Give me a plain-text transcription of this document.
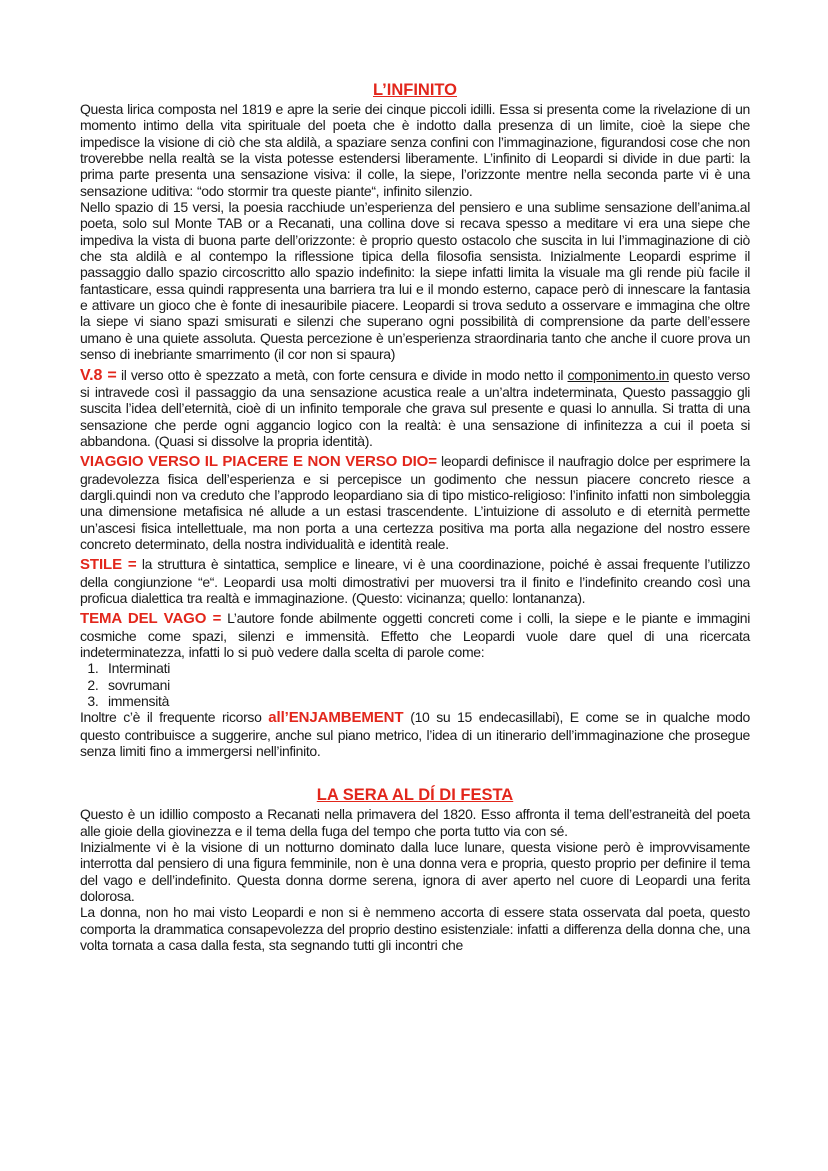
L’INFINITO

Questa lirica composta nel 1819 e apre la serie dei cinque piccoli idilli. Essa si presenta come la rivelazione di un momento intimo della vita spirituale del poeta che è indotto dalla presenza di un limite, cioè la siepe che impedisce la visione di ciò che sta aldilà, a spaziare senza confini con l’immaginazione, figurandosi cose che non troverebbe nella realtà se la vista potesse estendersi liberamente. L’infinito di Leopardi si divide in due parti: la prima parte presenta una sensazione visiva: il colle, la siepe, l’orizzonte mentre nella seconda parte vi è una sensazione uditiva: “odo stormir tra queste piante“, infinito silenzio.

Nello spazio di 15 versi, la poesia racchiude un’esperienza del pensiero e una sublime sensazione dell’anima.al poeta, solo sul Monte TAB or a Recanati, una collina dove si recava spesso a meditare vi era una siepe che impediva la vista di buona parte dell’orizzonte: è proprio questo ostacolo che suscita in lui l’immaginazione di ciò che sta aldilà e al contempo la riflessione tipica della filosofia sensista. Inizialmente Leopardi esprime il passaggio dallo spazio circoscritto allo spazio indefinito: la siepe infatti limita la visuale ma gli rende più facile il fantasticare, essa quindi rappresenta una barriera tra lui e il mondo esterno, capace però di innescare la fantasia e attivare un gioco che è fonte di inesauribile piacere. Leopardi si trova seduto a osservare e immagina che oltre la siepe vi siano spazi smisurati e silenzi che superano ogni possibilità di comprensione da parte dell’essere umano è una quiete assoluta. Questa percezione è un’esperienza straordinaria tanto che anche il cuore prova un senso di inebriante smarrimento (il cor non si spaura)

V.8 = il verso otto è spezzato a metà, con forte censura e divide in modo netto il componimento.in questo verso si intravede così il passaggio da una sensazione acustica reale a un’altra indeterminata, Questo passaggio gli suscita l’idea dell’eternità, cioè di un infinito temporale che grava sul presente e quasi lo annulla. Si tratta di una sensazione che perde ogni aggancio logico con la realtà: è una sensazione di infinitezza a cui il poeta si abbandona. (Quasi si dissolve la propria identità).

VIAGGIO VERSO IL PIACERE E NON VERSO DIO= leopardi definisce il naufragio dolce per esprimere la gradevolezza fisica dell’esperienza e si percepisce un godimento che nessun piacere concreto riesce a dargli.quindi non va creduto che l’approdo leopardiano sia di tipo mistico-religioso: l’infinito infatti non simboleggia una dimensione metafisica né allude a un estasi trascendente. L’intuizione di assoluto e di eternità permette un’ascesi fisica intellettuale, ma non porta a una certezza positiva ma porta alla negazione del nostro essere concreto determinato, della nostra individualità e identità reale.

STILE = la struttura è sintattica, semplice e lineare, vi è una coordinazione, poiché è assai frequente l’utilizzo della congiunzione “e“. Leopardi usa molti dimostrativi per muoversi tra il finito e l’indefinito creando così una proficua dialettica tra realtà e immaginazione. (Questo: vicinanza; quello: lontananza).

TEMA DEL VAGO = L’autore fonde abilmente oggetti concreti come i colli, la siepe e le piante e immagini cosmiche come spazi, silenzi e immensità. Effetto che Leopardi vuole dare quel di una ricercata indeterminatezza, infatti lo si può vedere dalla scelta di parole come:

1. Interminati
2. sovrumani
3. immensità

Inoltre c’è il frequente ricorso all’ENJAMBEMENT (10 su 15 endecasillabi), E come se in qualche modo questo contribuisce a suggerire, anche sul piano metrico, l’idea di un itinerario dell’immaginazione che prosegue senza limiti fino a immergersi nell’infinito.

LA SERA AL DÍ DI FESTA

Questo è un idillio composto a Recanati nella primavera del 1820. Esso affronta il tema dell’estraneità del poeta alle gioie della giovinezza e il tema della fuga del tempo che porta tutto via con sé.

Inizialmente vi è la visione di un notturno dominato dalla luce lunare, questa visione però è improvvisamente interrotta dal pensiero di una figura femminile, non è una donna vera e propria, questo proprio per definire il tema del vago e dell’indefinito. Questa donna dorme serena, ignora di aver aperto nel cuore di Leopardi una ferita dolorosa.

La donna, non ho mai visto Leopardi e non si è nemmeno accorta di essere stata osservata dal poeta, questo comporta la drammatica consapevolezza del proprio destino esistenziale: infatti a differenza della donna che, una volta tornata a casa dalla festa, sta segnando tutti gli incontri che
